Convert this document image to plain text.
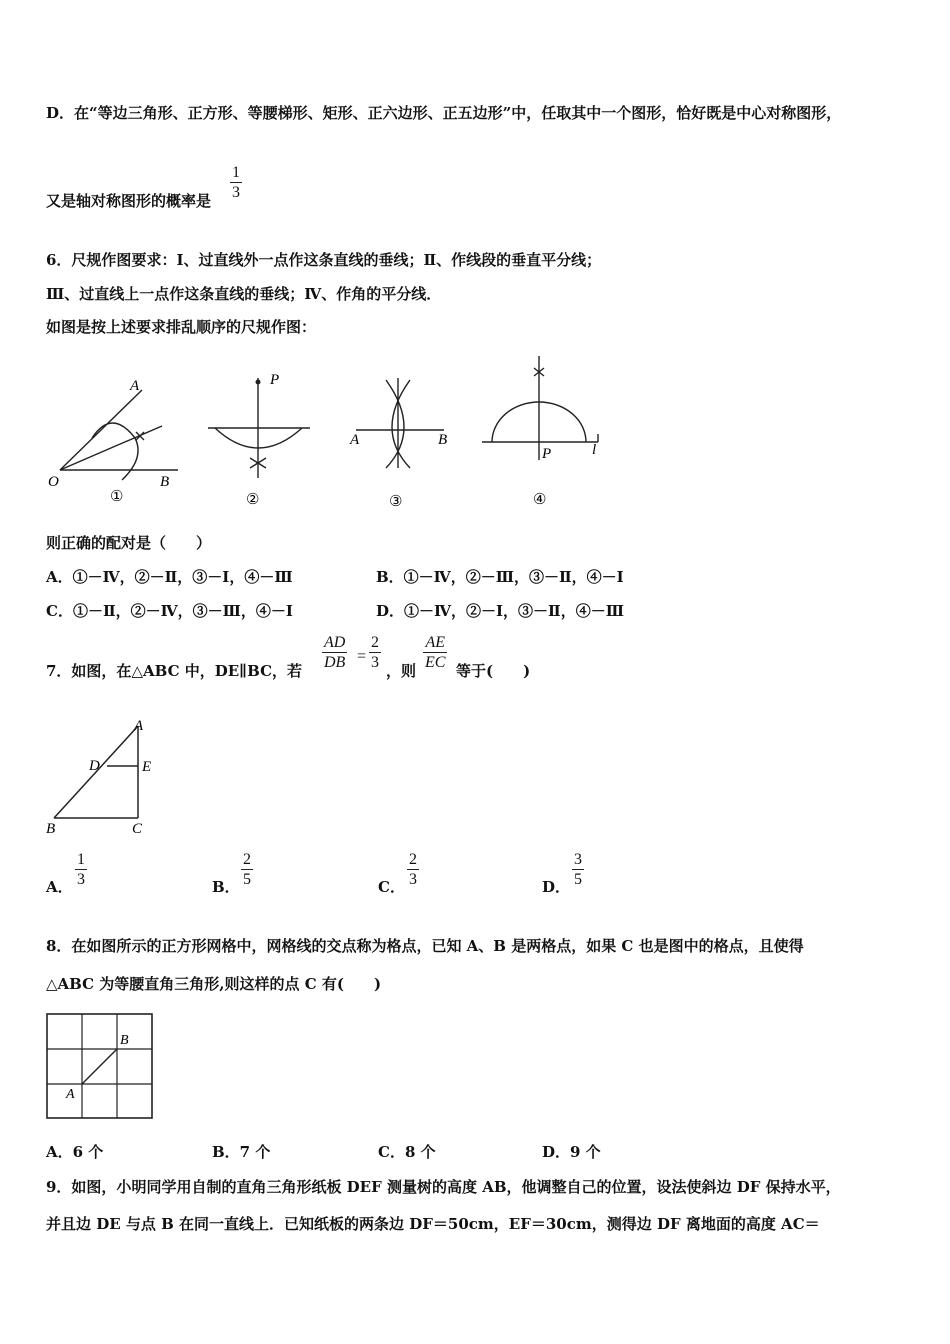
D．在“等边三角形、正方形、等腰梯形、矩形、正六边形、正五边形”中，任取其中一个图形，恰好既是中心对称图形，
又是轴对称图形的概率是 $\frac{1}{3}$
6．尺规作图要求：Ⅰ、过直线外一点作这条直线的垂线；Ⅱ、作线段的垂直平分线；
Ⅲ、过直线上一点作这条直线的垂线；Ⅳ、作角的平分线．
如图是按上述要求排乱顺序的尺规作图：
A
O	B
①
P
②
A	B
③
P	l
④
则正确的配对是（　　）
A．①－Ⅳ，②－Ⅱ，③－Ⅰ，④－Ⅲ	B．①－Ⅳ，②－Ⅲ，③－Ⅱ，④－Ⅰ
C．①－Ⅱ，②－Ⅳ，③－Ⅲ，④－Ⅰ	D．①－Ⅳ，②－Ⅰ，③－Ⅱ，④－Ⅲ
7．如图，在△ABC 中，DE∥BC，若 $\frac{AD}{DB} = \frac{2}{3}$ ，则 $\frac{AE}{EC}$ 等于(　　)
A
D	E
B	C
A． $\frac{1}{3}$	B． $\frac{2}{5}$	C． $\frac{2}{3}$	D． $\frac{3}{5}$
8．在如图所示的正方形网格中，网格线的交点称为格点，已知 A、B 是两格点，如果 C 也是图中的格点，且使得
△ABC 为等腰直角三角形,则这样的点 C 有(　　)
B
A
A．6 个	B．7 个	C．8 个	D．9 个
9．如图，小明同学用自制的直角三角形纸板 DEF 测量树的高度 AB，他调整自己的位置，设法使斜边 DF 保持水平，
并且边 DE 与点 B 在同一直线上．已知纸板的两条边 DF＝50cm，EF＝30cm，测得边 DF 离地面的高度 AC＝
